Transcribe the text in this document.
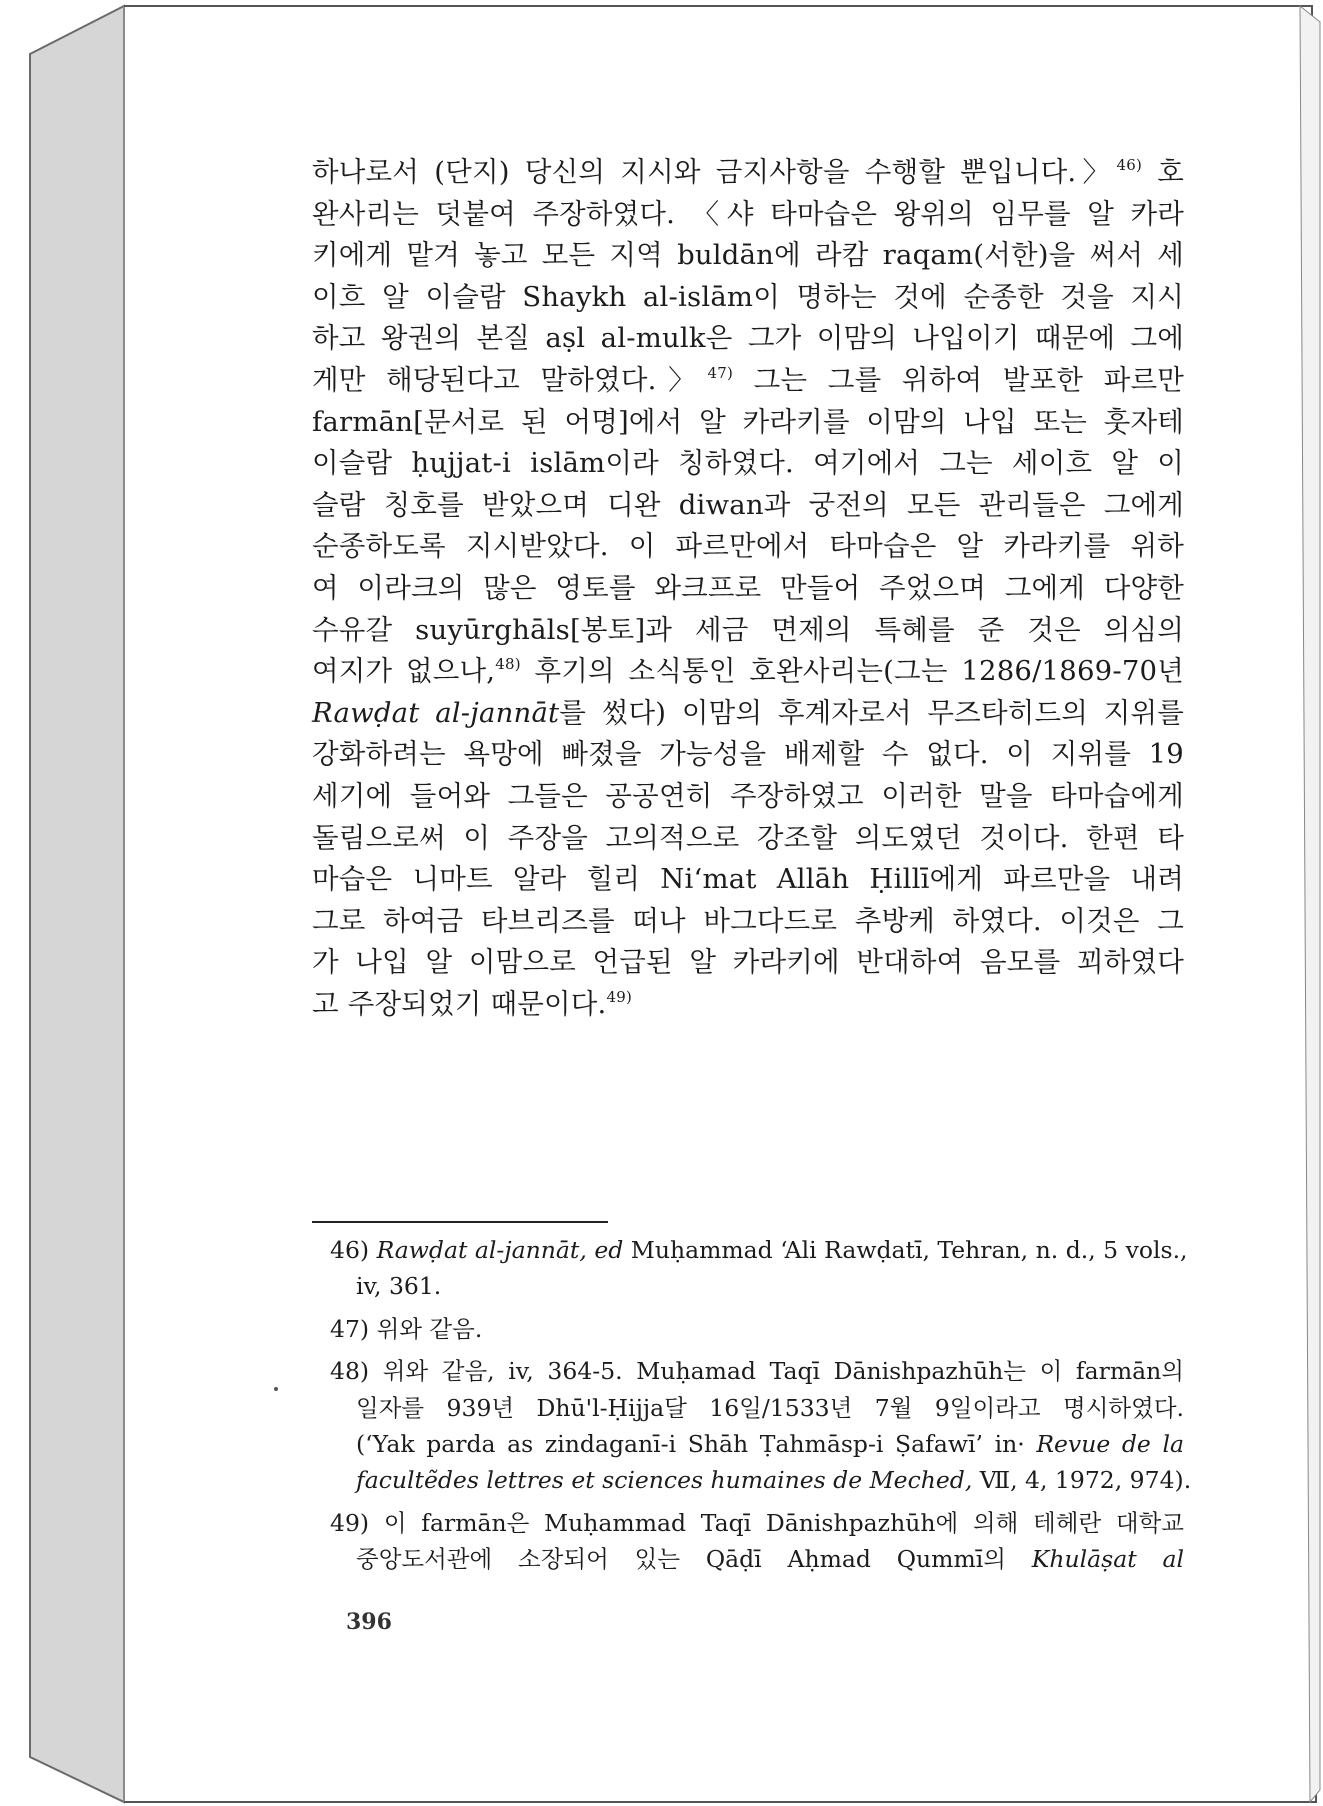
하나로서 (단지) 당신의 지시와 금지사항을 수행할 뿐입니다.〉$^{46)}$ 호
완사리는 덧붙여 주장하였다. 〈샤 타마습은 왕위의 임무를 알 카라
키에게 맡겨 놓고 모든 지역 buldān에 라캄 raqam(서한)을 써서 세
이흐 알 이슬람 Shaykh al-islām이 명하는 것에 순종한 것을 지시
하고 왕권의 본질 aṣl al-mulk은 그가 이맘의 나입이기 때문에 그에
게만 해당된다고 말하였다.〉$^{47)}$ 그는 그를 위하여 발포한 파르만
farmān[문서로 된 어명]에서 알 카라키를 이맘의 나입 또는 훗자테
이슬람 ḥujjat-i islām이라 칭하였다. 여기에서 그는 세이흐 알 이
슬람 칭호를 받았으며 디완 diwan과 궁전의 모든 관리들은 그에게
순종하도록 지시받았다. 이 파르만에서 타마습은 알 카라키를 위하
여 이라크의 많은 영토를 와크프로 만들어 주었으며 그에게 다양한
수유갈 suyūrghāls[봉토]과 세금 면제의 특혜를 준 것은 의심의
여지가 없으나,$^{48)}$ 후기의 소식통인 호완사리는(그는 1286/1869-70년
Rawḍat al-jannāt를 썼다) 이맘의 후계자로서 무즈타히드의 지위를
강화하려는 욕망에 빠졌을 가능성을 배제할 수 없다. 이 지위를 19
세기에 들어와 그들은 공공연히 주장하였고 이러한 말을 타마습에게
돌림으로써 이 주장을 고의적으로 강조할 의도였던 것이다. 한편 타
마습은 니마트 알라 힐리 Ni‘mat Allāh Ḥillī에게 파르만을 내려
그로 하여금 타브리즈를 떠나 바그다드로 추방케 하였다. 이것은 그
가 나입 알 이맘으로 언급된 알 카라키에 반대하여 음모를 꾀하였다
고 주장되었기 때문이다.$^{49)}$
46) Rawḍat al-jannāt, ed Muḥammad ‘Ali Rawḍatī, Tehran, n. d., 5 vols.,
iv, 361.
47) 위와 같음.
48) 위와 같음, iv, 364-5. Muḥamad Taqī Dānishpazhūh는 이 farmān의
일자를 939년 Dhū'l-Ḥijja달 16일/1533년 7월 9일이라고 명시하였다.
(‘Yak parda as zindaganī-i Shāh Ṭahmāsp-i Ṣafawī’ in· Revue de la
facultẽdes lettres et sciences humaines de Meched, Ⅶ, 4, 1972, 974).
49) 이 farmān은 Muḥammad Taqī Dānishpazhūh에 의해 테헤란 대학교
중앙도서관에 소장되어 있는 Qāḍī Aḥmad Qummī의 Khulāṣat al
396
